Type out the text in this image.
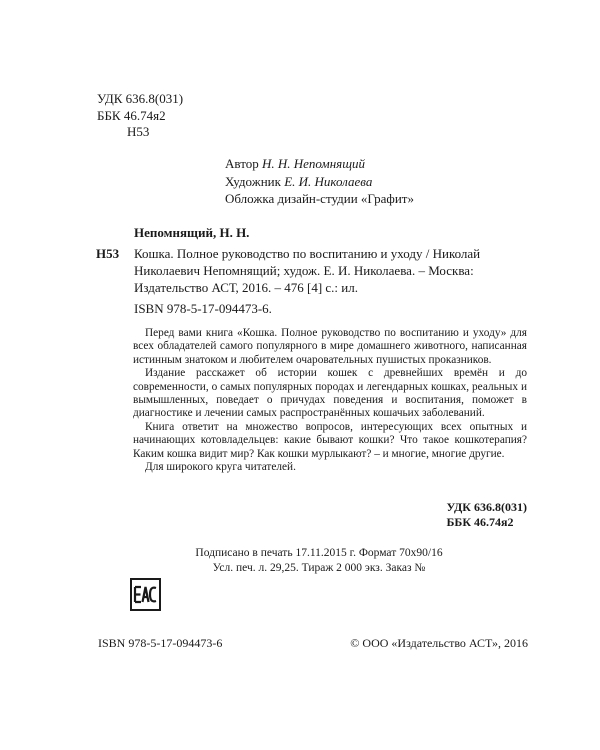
УДК 636.8(031)
ББК 46.74я2
Н53
Автор Н. Н. Непомнящий
Художник Е. И. Николаева
Обложка дизайн-студии «Графит»
Непомнящий, Н. Н.
Н53 Кошка. Полное руководство по воспитанию и уходу / Николай Николаевич Непомнящий; худож. Е. И. Николаева. – Москва: Издательство АСТ, 2016. – 476 [4] с.: ил.
ISBN 978-5-17-094473-6.

Перед вами книга «Кошка. Полное руководство по воспитанию и уходу» для всех обладателей самого популярного в мире домашнего животного, написанная истинным знатоком и любителем очаровательных пушистых проказников.

Издание расскажет об истории кошек с древнейших времён и до современности, о самых популярных породах и легендарных кошках, реальных и вымышленных, поведает о причудах поведения и воспитания, поможет в диагностике и лечении самых распространённых кошачьих заболеваний.

Книга ответит на множество вопросов, интересующих всех опытных и начинающих котовладельцев: какие бывают кошки? Что такое кошкотерапия? Каким кошка видит мир? Как кошки мурлыкают? – и многие, многие другие.

Для широкого круга читателей.

УДК 636.8(031)
ББК 46.74я2
Подписано в печать 17.11.2015 г. Формат 70х90/16
Усл. печ. л. 29,25. Тираж 2 000 экз. Заказ №
ISBN 978-5-17-094473-6	© ООО «Издательство АСТ», 2016
